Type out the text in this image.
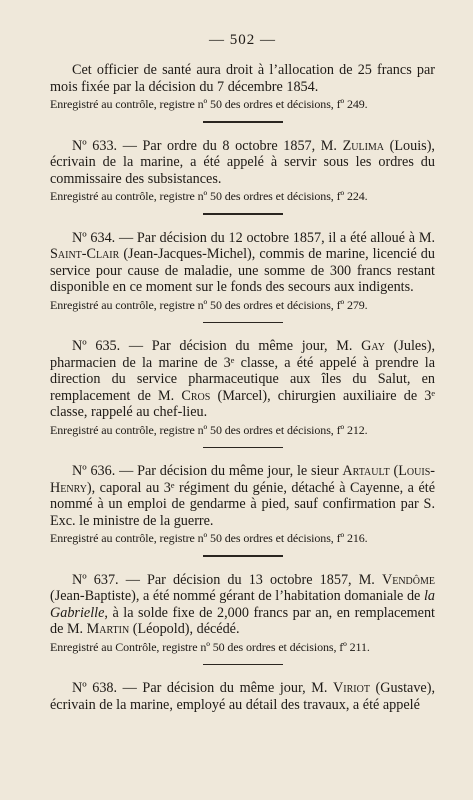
— 502 —

Cet officier de santé aura droit à l’allocation de 25 francs par mois fixée par la décision du 7 décembre 1854.

Enregistré au contrôle, registre nº 50 des ordres et décisions, fº 249.

Nº 633. — Par ordre du 8 octobre 1857, M. Zulima (Louis), écrivain de la marine, a été appelé à servir sous les ordres du commissaire des subsistances.

Enregistré au contrôle, registre nº 50 des ordres et décisions, fº 224.

Nº 634. — Par décision du 12 octobre 1857, il a été alloué à M. Saint-Clair (Jean-Jacques-Michel), commis de marine, licencié du service pour cause de maladie, une somme de 300 francs restant disponible en ce moment sur le fonds des secours aux indigents.

Enregistré au contrôle, registre nº 50 des ordres et décisions, fº 279.

Nº 635. — Par décision du même jour, M. Gay (Jules), pharmacien de la marine de 3ᵉ classe, a été appelé à prendre la direction du service pharmaceutique aux îles du Salut, en remplacement de M. Cros (Marcel), chirurgien auxiliaire de 3ᵉ classe, rappelé au chef-lieu.

Enregistré au contrôle, registre nº 50 des ordres et décisions, fº 212.

Nº 636. — Par décision du même jour, le sieur Artault (Louis-Henry), caporal au 3ᵉ régiment du génie, détaché à Cayenne, a été nommé à un emploi de gendarme à pied, sauf confirmation par S. Exc. le ministre de la guerre.

Enregistré au contrôle, registre nº 50 des ordres et décisions, fº 216.

Nº 637. — Par décision du 13 octobre 1857, M. Vendôme (Jean-Baptiste), a été nommé gérant de l’habitation domaniale de la Gabrielle, à la solde fixe de 2,000 francs par an, en remplacement de M. Martin (Léopold), décédé.

Enregistré au Contrôle, registre nº 50 des ordres et décisions, fº 211.

Nº 638. — Par décision du même jour, M. Viriot (Gustave), écrivain de la marine, employé au détail des travaux, a été appelé
